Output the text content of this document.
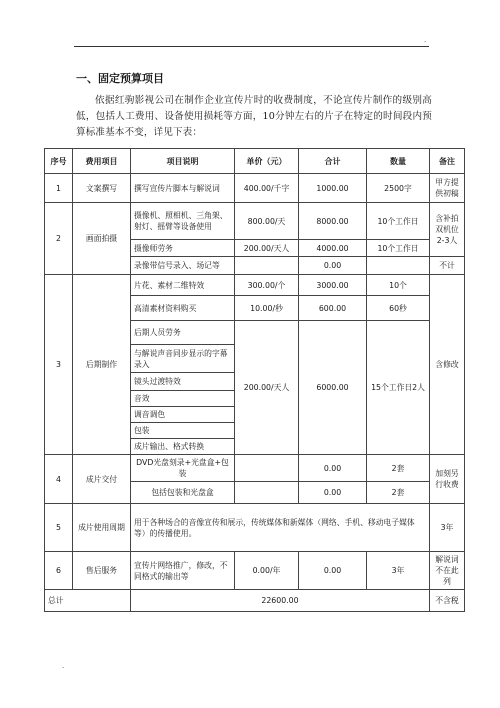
.
一、固定预算项目

依据红驹影视公司在制作企业宣传片时的收费制度，不论宣传片制作的级别高低，包括人工费用、设备使用损耗等方面，10分钟左右的片子在特定的时间段内预算标准基本不变，详见下表：

序号	费用项目	项目说明	单价（元）	合计	数量	备注
1	文案撰写	撰写宣传片脚本与解说词	400.00/千字	1000.00	2500字	甲方提供初稿
2	画面拍摄	摄像机、照相机、三角架、射灯、摇臂等设备使用	800.00/天	8000.00	10个工作日	含补拍双机位2-3人
		摄像师劳务	200.00/天人	4000.00	10个工作日	
		录像带信号录入、场记等		0.00		不计
3	后期制作	片花、素材二维特效	300.00/个	3000.00	10个	含修改
		高清素材资料购买	10.00/秒	600.00	60秒	
		后期人员劳务	200.00/天人	6000.00	15个工作日2人	
		与解说声音同步显示的字幕录入				
		镜头过渡特效				
		音效				
		调音调色				
		包装				
		成片输出、格式转换				
4	成片交付	DVD光盘刻录+光盘盒+包装		0.00	2套	加刻另行收费
		包括包装和光盘盒		0.00	2套	
5	成片使用周期	用于各种场合的音像宣传和展示，传统媒体和新媒体（网络、手机、移动电子媒体等）的传播使用。				3年
6	售后服务	宣传片网络推广，修改，不同格式的输出等	0.00/年	0.00	3年	解说词不在此列
总计		22600.00				不含税
.
